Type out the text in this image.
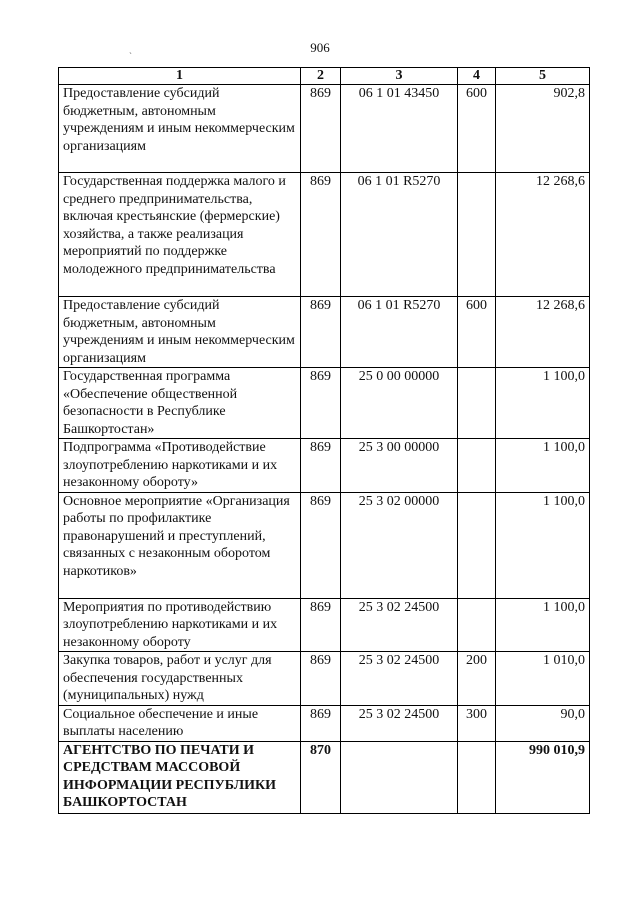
906
ˏ
1	2	3	4	5
Предоставление субсидий бюджетным, автономным учреждениям и иным некоммерческим организациям	869	06 1 01 43450	600	902,8
Государственная поддержка малого и среднего предпринимательства, включая крестьянские (фермерские) хозяйства, а также реализация мероприятий по поддержке молодежного предпринимательства	869	06 1 01 R5270		12 268,6
Предоставление субсидий бюджетным, автономным учреждениям и иным некоммерческим организациям	869	06 1 01 R5270	600	12 268,6
Государственная программа «Обеспечение общественной безопасности в Республике Башкортостан»	869	25 0 00 00000		1 100,0
Подпрограмма «Противодействие злоупотреблению наркотиками и их незаконному обороту»	869	25 3 00 00000		1 100,0
Основное мероприятие «Организация работы по профилактике правонарушений и преступлений, связанных с незаконным оборотом наркотиков»	869	25 3 02 00000		1 100,0
Мероприятия по противодействию злоупотреблению наркотиками и их незаконному обороту	869	25 3 02 24500		1 100,0
Закупка товаров, работ и услуг для обеспечения государственных (муниципальных) нужд	869	25 3 02 24500	200	1 010,0
Социальное обеспечение и иные выплаты населению	869	25 3 02 24500	300	90,0
АГЕНТСТВО ПО ПЕЧАТИ И СРЕДСТВАМ МАССОВОЙ ИНФОРМАЦИИ РЕСПУБЛИКИ БАШКОРТОСТАН	870			990 010,9
